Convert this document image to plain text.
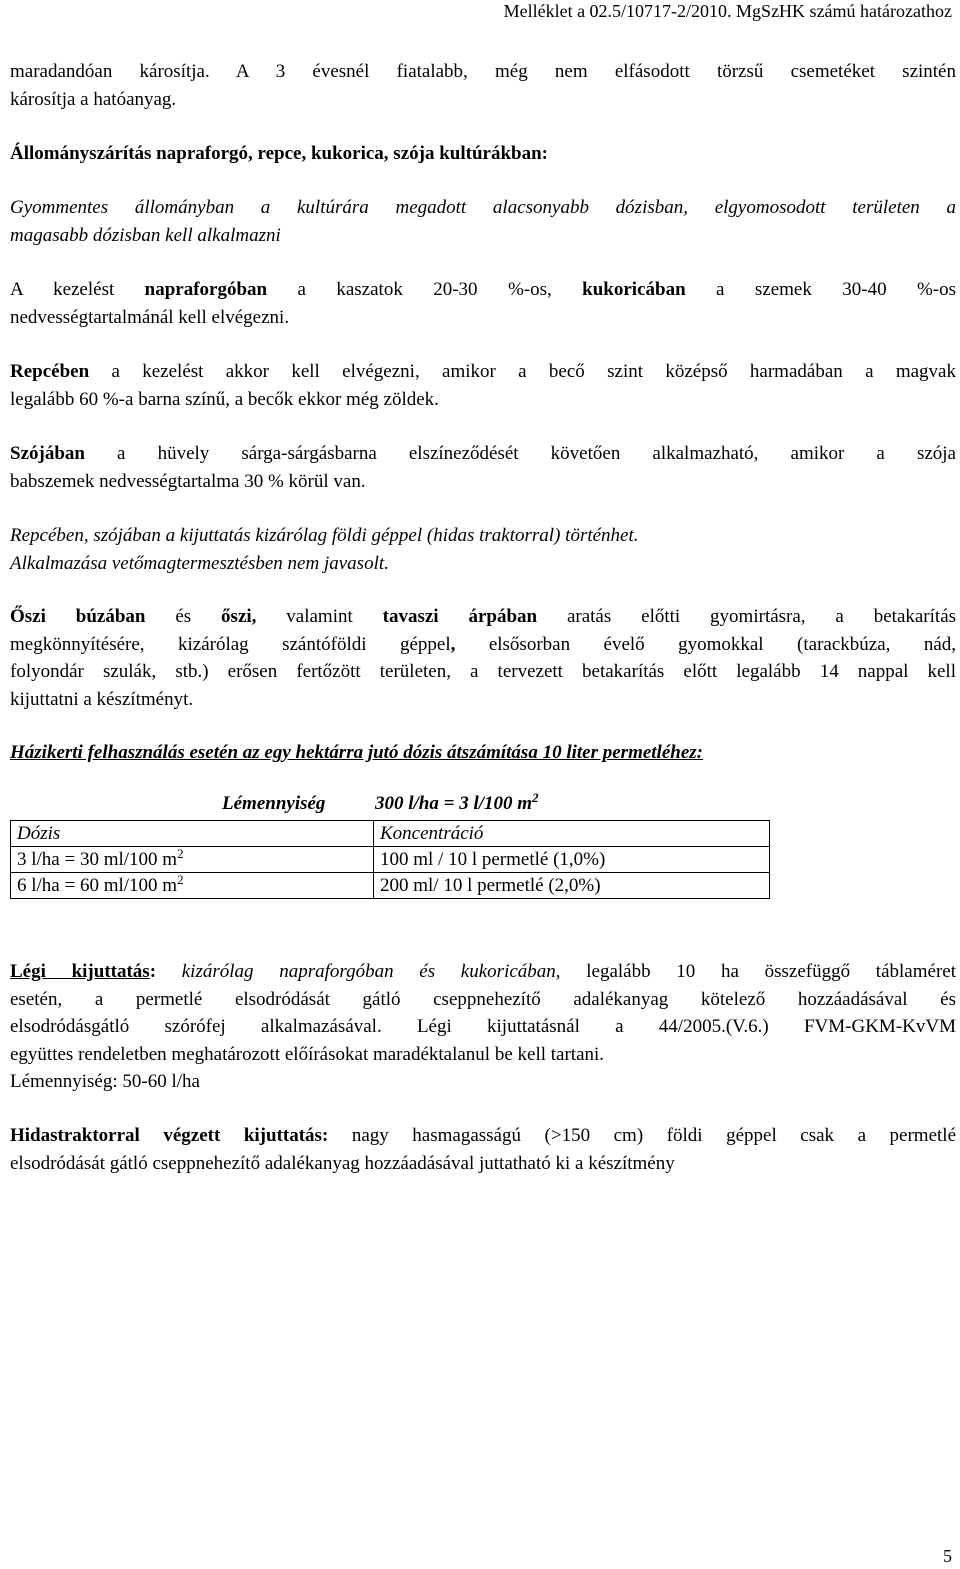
Melléklet a 02.5/10717-2/2010. MgSzHK számú határozathoz
maradandóan károsítja. A 3 évesnél fiatalabb, még nem elfásodott törzsű csemetéket szintén
károsítja a hatóanyag.
Állományszárítás napraforgó, repce, kukorica, szója kultúrákban:
Gyommentes állományban a kultúrára megadott alacsonyabb dózisban, elgyomosodott területen a
magasabb dózisban kell alkalmazni
A kezelést napraforgóban a kaszatok 20-30 %-os, kukoricában a szemek 30-40 %-os
nedvességtartalmánál kell elvégezni.
Repcében a kezelést akkor kell elvégezni, amikor a becő szint középső harmadában a magvak
legalább 60 %-a barna színű, a becők ekkor még zöldek.
Szójában a hüvely sárga-sárgásbarna elszíneződését követően alkalmazható, amikor a szója
babszemek nedvességtartalma 30 % körül van.
Repcében, szójában a kijuttatás kizárólag földi géppel (hidas traktorral) történhet.
Alkalmazása vetőmagtermesztésben nem javasolt.
Őszi búzában és őszi, valamint tavaszi árpában aratás előtti gyomirtásra, a betakarítás
megkönnyítésére, kizárólag szántóföldi géppel, elsősorban évelő gyomokkal (tarackbúza, nád,
folyondár szulák, stb.) erősen fertőzött területen, a tervezett betakarítás előtt legalább 14 nappal kell
kijuttatni a készítményt.
Házikerti felhasználás esetén az egy hektárra jutó dózis átszámítása 10 liter permetléhez:
Lémennyiség	300 l/ha = 3 l/100 $m^2$
Dózis	Koncentráció
3 l/ha = 30 ml/100 $m^2$	100 ml / 10 l permetlé (1,0%)
6 l/ha = 60 ml/100 $m^2$	200 ml/ 10 l permetlé (2,0%)
Légi kijuttatás: kizárólag napraforgóban és kukoricában, legalább 10 ha összefüggő táblaméret
esetén, a permetlé elsodródását gátló cseppnehezítő adalékanyag kötelező hozzáadásával és
elsodródásgátló szórófej alkalmazásával. Légi kijuttatásnál a 44/2005.(V.6.) FVM-GKM-KvVM
együttes rendeletben meghatározott előírásokat maradéktalanul be kell tartani.
Lémennyiség: 50-60 l/ha
Hidastraktorral végzett kijuttatás: nagy hasmagasságú (>150 cm) földi géppel csak a permetlé
elsodródását gátló cseppnehezítő adalékanyag hozzáadásával juttatható ki a készítmény
5
